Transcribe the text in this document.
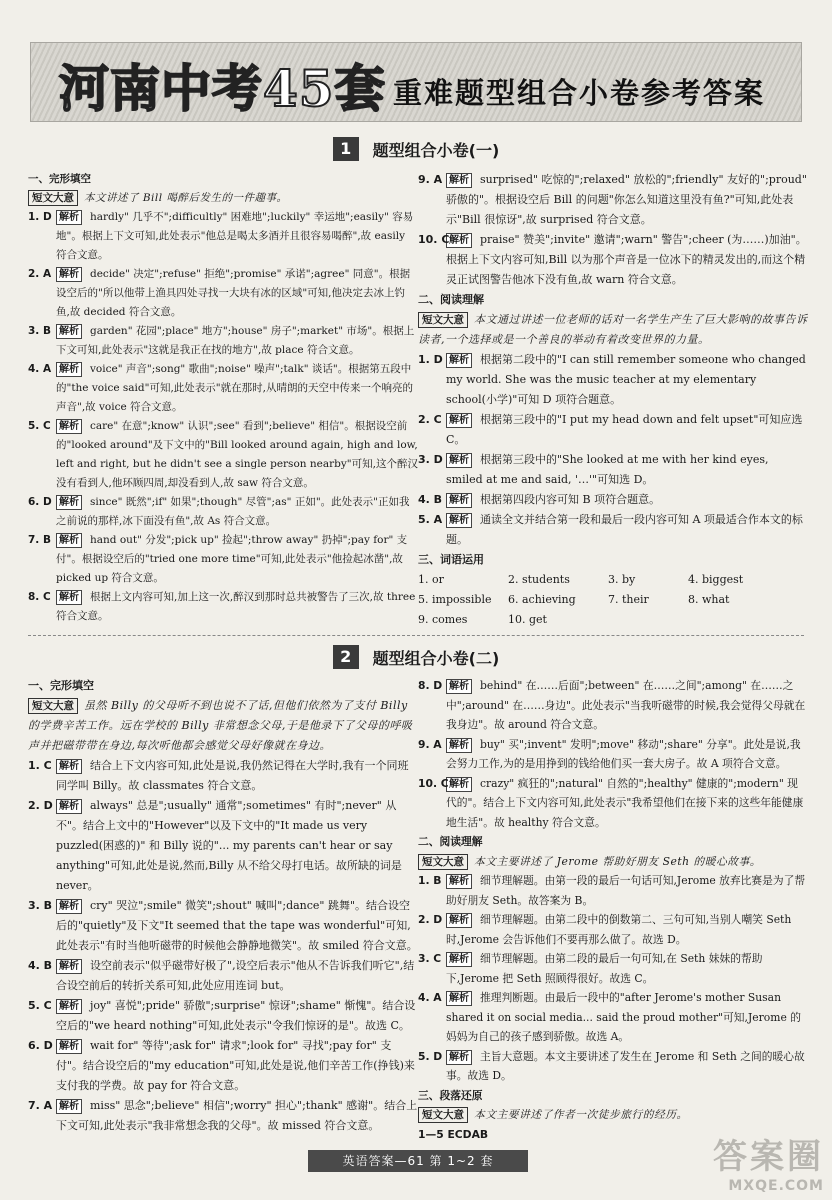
河南中考45套 重难题型组合小卷参考答案
1	题型组合小卷(一)
一、完形填空
短文大意 本文讲述了 Bill 喝醉后发生的一件趣事。
1. D 解析 hardly" 几乎不";difficultly" 困难地";luckily" 幸运地";easily" 容易地"。根据上下文可知,此处表示"他总是喝太多酒并且很容易喝醉",故 easily 符合文意。
2. A 解析 decide" 决定";refuse" 拒绝";promise" 承诺";agree" 同意"。根据设空后的"所以他带上渔具四处寻找一大块有冰的区域"可知,他决定去冰上钓鱼,故 decided 符合文意。
3. B 解析 garden" 花园";place" 地方";house" 房子";market" 市场"。根据上下文可知,此处表示"这就是我正在找的地方",故 place 符合文意。
4. A 解析 voice" 声音";song" 歌曲";noise" 噪声";talk" 谈话"。根据第五段中的"the voice said"可知,此处表示"就在那时,从晴朗的天空中传来一个响亮的声音",故 voice 符合文意。
5. C 解析 care" 在意";know" 认识";see" 看到";believe" 相信"。根据设空前的"looked around"及下文中的"Bill looked around again, high and low, left and right, but he didn't see a single person nearby"可知,这个醉汉没有看到人,他环顾四周,却没看到人,故 saw 符合文意。
6. D 解析 since" 既然";if" 如果";though" 尽管";as" 正如"。此处表示"正如我之前说的那样,冰下面没有鱼",故 As 符合文意。
7. B 解析 hand out" 分发";pick up" 捡起";throw away" 扔掉";pay for" 支付"。根据设空后的"tried one more time"可知,此处表示"他捡起冰凿",故 picked up 符合文意。
8. C 解析 根据上文内容可知,加上这一次,醉汉到那时总共被警告了三次,故 three 符合文意。
9. A 解析 surprised" 吃惊的";relaxed" 放松的";friendly" 友好的";proud" 骄傲的"。根据设空后 Bill 的问题"你怎么知道这里没有鱼?"可知,此处表示"Bill 很惊讶",故 surprised 符合文意。
10. C 解析 praise" 赞美";invite" 邀请";warn" 警告";cheer (为……)加油"。根据上下文内容可知,Bill 以为那个声音是一位冰下的精灵发出的,而这个精灵正试图警告他冰下没有鱼,故 warn 符合文意。
二、阅读理解
短文大意 本文通过讲述一位老师的话对一名学生产生了巨大影响的故事告诉读者,一个选择或是一个善良的举动有着改变世界的力量。
1. D 解析 根据第二段中的"I can still remember someone who changed my world. She was the music teacher at my elementary school(小学)"可知 D 项符合题意。
2. C 解析 根据第三段中的"I put my head down and felt upset"可知应选 C。
3. D 解析 根据第三段中的"She looked at me with her kind eyes, smiled at me and said, '…'"可知选 D。
4. B 解析 根据第四段内容可知 B 项符合题意。
5. A 解析 通读全文并结合第一段和最后一段内容可知 A 项最适合作本文的标题。
三、词语运用
1. or	2. students	3. by	4. biggest
5. impossible	6. achieving	7. their	8. what
9. comes	10. get
2	题型组合小卷(二)
一、完形填空
短文大意 虽然 Billy 的父母听不到也说不了话,但他们依然为了支付 Billy 的学费辛苦工作。远在学校的 Billy 非常想念父母,于是他录下了父母的呼吸声并把磁带带在身边,每次听他都会感觉父母好像就在身边。
1. C 解析 结合上下文内容可知,此处是说,我仍然记得在大学时,我有一个同班同学叫 Billy。故 classmates 符合文意。
2. D 解析 always" 总是";usually" 通常";sometimes" 有时";never" 从不"。结合上文中的"However"以及下文中的"It made us very puzzled(困惑的)" 和 Billy 说的"... my parents can't hear or say anything"可知,此处是说,然而,Billy 从不给父母打电话。故所缺的词是 never。
3. B 解析 cry" 哭泣";smile" 微笑";shout" 喊叫";dance" 跳舞"。结合设空后的"quietly"及下文"It seemed that the tape was wonderful"可知,此处表示"有时当他听磁带的时候他会静静地微笑"。故 smiled 符合文意。
4. B 解析 设空前表示"似乎磁带好极了",设空后表示"他从不告诉我们听它",结合设空前后的转折关系可知,此处应用连词 but。
5. C 解析 joy" 喜悦";pride" 骄傲";surprise" 惊讶";shame" 惭愧"。结合设空后的"we heard nothing"可知,此处表示"令我们惊讶的是"。故选 C。
6. D 解析 wait for" 等待";ask for" 请求";look for" 寻找";pay for" 支付"。结合设空后的"my education"可知,此处是说,他们辛苦工作(挣钱)来支付我的学费。故 pay for 符合文意。
7. A 解析 miss" 思念";believe" 相信";worry" 担心";thank" 感谢"。结合上下文可知,此处表示"我非常想念我的父母"。故 missed 符合文意。
8. D 解析 behind" 在……后面";between" 在……之间";among" 在……之中";around" 在……身边"。此处表示"当我听磁带的时候,我会觉得父母就在我身边"。故 around 符合文意。
9. A 解析 buy" 买";invent" 发明";move" 移动";share" 分享"。此处是说,我会努力工作,为的是用挣到的钱给他们买一套大房子。故 A 项符合文意。
10. C 解析 crazy" 疯狂的";natural" 自然的";healthy" 健康的";modern" 现代的"。结合上下文内容可知,此处表示"我希望他们在接下来的这些年能健康地生活"。故 healthy 符合文意。
二、阅读理解
短文大意 本文主要讲述了 Jerome 帮助好朋友 Seth 的暖心故事。
1. B 解析 细节理解题。由第一段的最后一句话可知,Jerome 放弃比赛是为了帮助好朋友 Seth。故答案为 B。
2. D 解析 细节理解题。由第二段中的倒数第二、三句可知,当别人嘲笑 Seth 时,Jerome 会告诉他们不要再那么做了。故选 D。
3. C 解析 细节理解题。由第二段的最后一句可知,在 Seth 妹妹的帮助下,Jerome 把 Seth 照顾得很好。故选 C。
4. A 解析 推理判断题。由最后一段中的"after Jerome's mother Susan shared it on social media... said the proud mother"可知,Jerome 的妈妈为自己的孩子感到骄傲。故选 A。
5. D 解析 主旨大意题。本文主要讲述了发生在 Jerome 和 Seth 之间的暖心故事。故选 D。
三、段落还原
短文大意 本文主要讲述了作者一次徒步旅行的经历。
1—5 ECDAB
英语答案—61 第 1~2 套	答案圈
MXQE.COM
